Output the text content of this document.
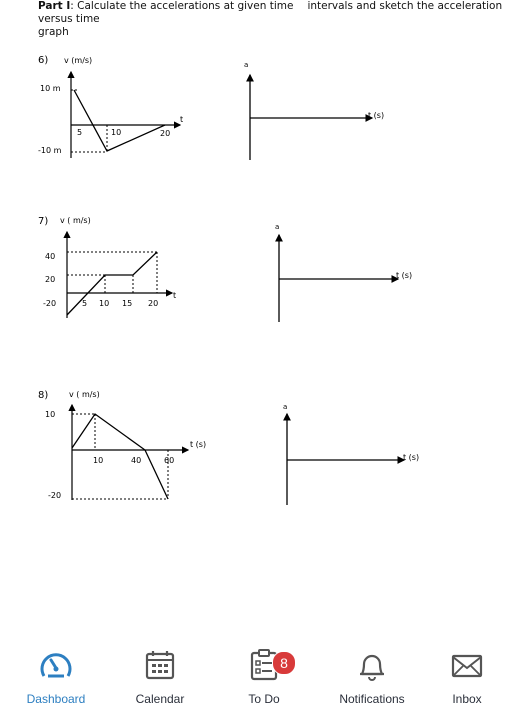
Part I: Calculate the accelerations at given time intervals and sketch the acceleration versus time
graph
6) v (m/s)
10 m
-10 m
t
5	10	20
a
t (s)
7) v ( m/s)
40
20
-20
t
5 10 15 20
a
t (s)
8)	v ( m/s)
10
-20
t (s)
10	40	60
a
t (s)
Dashboard	Calendar
8
To Do	Notifications	Inbox
